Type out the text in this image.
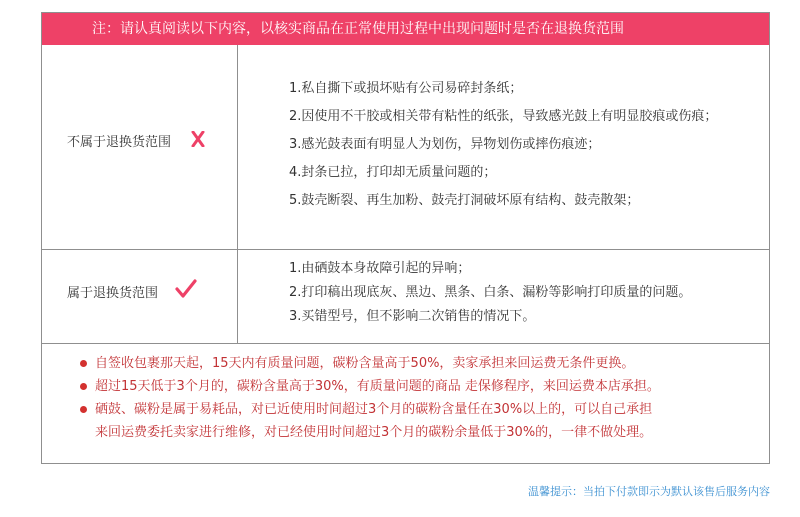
注：请认真阅读以下内容，以核实商品在正常使用过程中出现问题时是否在退换货范围
不属于退换货范围
1.私自撕下或损坏贴有公司易碎封条纸；
2.因使用不干胶或相关带有粘性的纸张，导致感光鼓上有明显胶痕或伤痕；
3.感光鼓表面有明显人为划伤，异物划伤或摔伤痕迹；
4.封条已拉，打印却无质量问题的；
5.鼓壳断裂、再生加粉、鼓壳打洞破坏原有结构、鼓壳散架；
属于退换货范围
1.由硒鼓本身故障引起的异响；
2.打印稿出现底灰、黑边、黑条、白条、漏粉等影响打印质量的问题。
3.买错型号，但不影响二次销售的情况下。
自签收包裹那天起，15天内有质量问题，碳粉含量高于50%，卖家承担来回运费无条件更换。
超过15天低于3个月的，碳粉含量高于30%，有质量问题的商品 走保修程序，来回运费本店承担。
硒鼓、碳粉是属于易耗品，对已近使用时间超过3个月的碳粉含量任在30%以上的，可以自己承担
来回运费委托卖家进行维修，对已经使用时间超过3个月的碳粉余量低于30%的，一律不做处理。
温馨提示：当拍下付款即示为默认该售后服务内容
